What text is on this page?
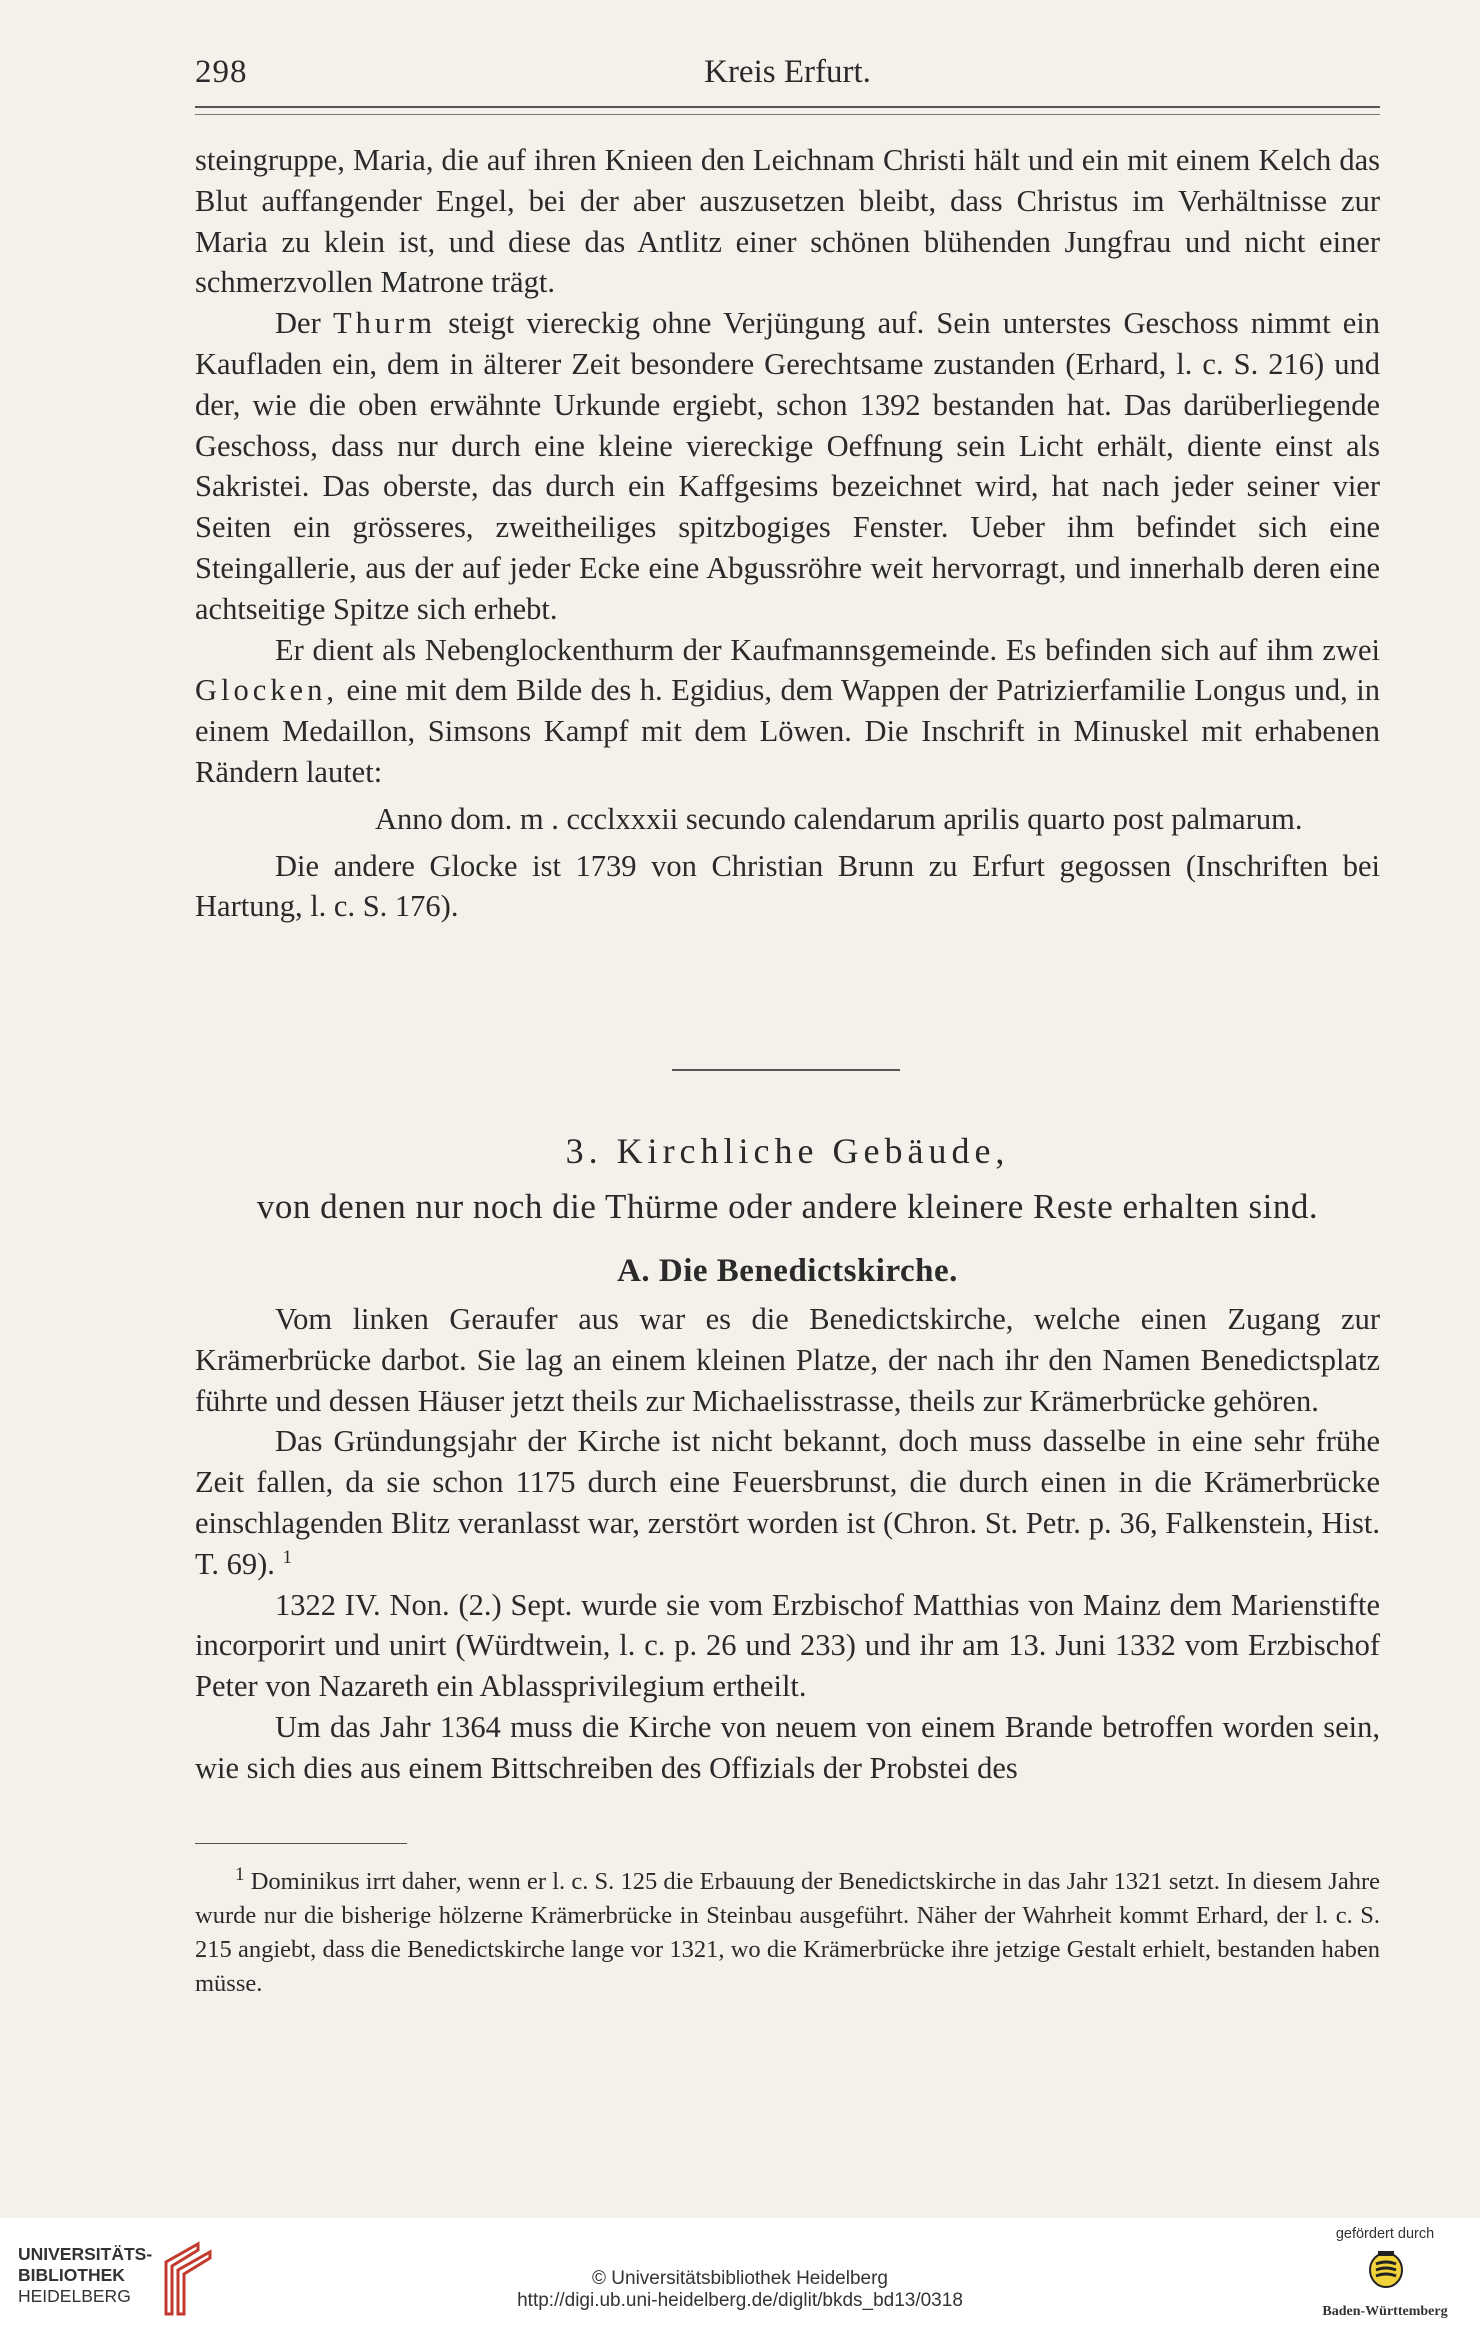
298	Kreis Erfurt.

steingruppe, Maria, die auf ihren Knieen den Leichnam Christi hält und ein mit einem Kelch das Blut auffangender Engel, bei der aber auszusetzen bleibt, dass Christus im Verhältnisse zur Maria zu klein ist, und diese das Antlitz einer schönen blühenden Jungfrau und nicht einer schmerzvollen Matrone trägt.

Der Thurm steigt viereckig ohne Verjüngung auf. Sein unterstes Geschoss nimmt ein Kaufladen ein, dem in älterer Zeit besondere Gerechtsame zustanden (Erhard, l. c. S. 216) und der, wie die oben erwähnte Urkunde ergiebt, schon 1392 bestanden hat. Das darüberliegende Geschoss, dass nur durch eine kleine viereckige Oeffnung sein Licht erhält, diente einst als Sakristei. Das oberste, das durch ein Kaffgesims bezeichnet wird, hat nach jeder seiner vier Seiten ein grösseres, zweitheiliges spitzbogiges Fenster. Ueber ihm befindet sich eine Steingallerie, aus der auf jeder Ecke eine Abgussröhre weit hervorragt, und innerhalb deren eine achtseitige Spitze sich erhebt.

Er dient als Nebenglockenthurm der Kaufmannsgemeinde. Es befinden sich auf ihm zwei Glocken, eine mit dem Bilde des h. Egidius, dem Wappen der Patrizierfamilie Longus und, in einem Medaillon, Simsons Kampf mit dem Löwen. Die Inschrift in Minuskel mit erhabenen Rändern lautet:

Anno dom. m . ccclxxxii secundo calendarum aprilis quarto post palmarum.

Die andere Glocke ist 1739 von Christian Brunn zu Erfurt gegossen (Inschriften bei Hartung, l. c. S. 176).

3. Kirchliche Gebäude,
von denen nur noch die Thürme oder andere kleinere Reste erhalten sind.
A. Die Benedictskirche.

Vom linken Geraufer aus war es die Benedictskirche, welche einen Zugang zur Krämerbrücke darbot. Sie lag an einem kleinen Platze, der nach ihr den Namen Benedictsplatz führte und dessen Häuser jetzt theils zur Michaelisstrasse, theils zur Krämerbrücke gehören.

Das Gründungsjahr der Kirche ist nicht bekannt, doch muss dasselbe in eine sehr frühe Zeit fallen, da sie schon 1175 durch eine Feuersbrunst, die durch einen in die Krämerbrücke einschlagenden Blitz veranlasst war, zerstört worden ist (Chron. St. Petr. p. 36, Falkenstein, Hist. T. 69). $^1$

1322 IV. Non. (2.) Sept. wurde sie vom Erzbischof Matthias von Mainz dem Marienstifte incorporirt und unirt (Würdtwein, l. c. p. 26 und 233) und ihr am 13. Juni 1332 vom Erzbischof Peter von Nazareth ein Ablassprivilegium ertheilt.

Um das Jahr 1364 muss die Kirche von neuem von einem Brande betroffen worden sein, wie sich dies aus einem Bittschreiben des Offizials der Probstei des

$^1$ Dominikus irrt daher, wenn er l. c. S. 125 die Erbauung der Benedictskirche in das Jahr 1321 setzt. In diesem Jahre wurde nur die bisherige hölzerne Krämerbrücke in Steinbau ausgeführt. Näher der Wahrheit kommt Erhard, der l. c. S. 215 angiebt, dass die Benedictskirche lange vor 1321, wo die Krämerbrücke ihre jetzige Gestalt erhielt, bestanden haben müsse.
UNIVERSITÄTS-
BIBLIOTHEK
HEIDELBERG
© Universitätsbibliothek Heidelberg
http://digi.ub.uni-heidelberg.de/diglit/bkds_bd13/0318
gefördert durch
Baden-Württemberg
